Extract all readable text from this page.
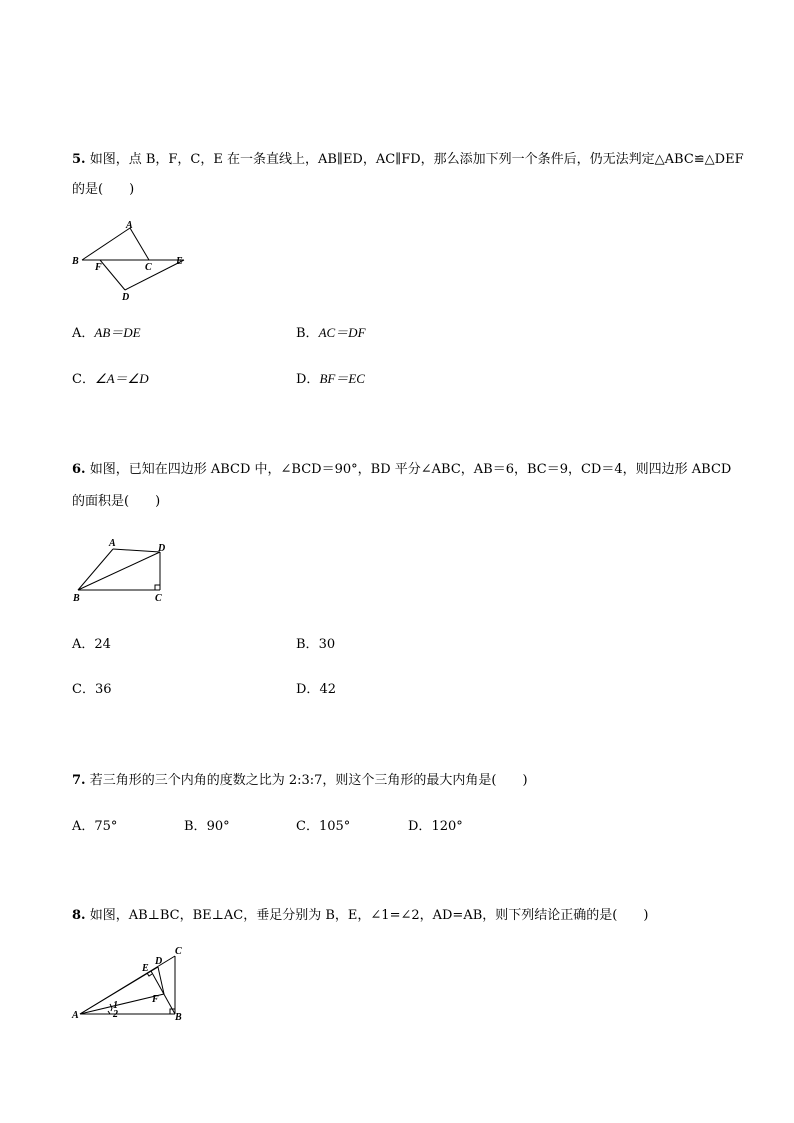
5. 如图，点 B，F，C，E 在一条直线上，AB∥ED，AC∥FD，那么添加下列一个条件后，仍无法判定△ABC≌△DEF
的是(　　)
A
B
F	C
E
D
A．AB＝DE	B．AC＝DF
C．∠A＝∠D	D．BF＝EC
6. 如图，已知在四边形 ABCD 中，∠BCD＝90°，BD 平分∠ABC，AB＝6，BC＝9，CD＝4，则四边形 ABCD
的面积是(　　)
A	D
B	C
A．24	B．30
C．36	D．42
7. 若三角形的三个内角的度数之比为 2:3:7，则这个三角形的最大内角是(　　)
A．75°	B．90°	C．105°	D．120°
8. 如图，AB⊥BC，BE⊥AC，垂足分别为 B，E，∠1=∠2，AD=AB，则下列结论正确的是(　　)
C
D
E
F
1
2
A	B
